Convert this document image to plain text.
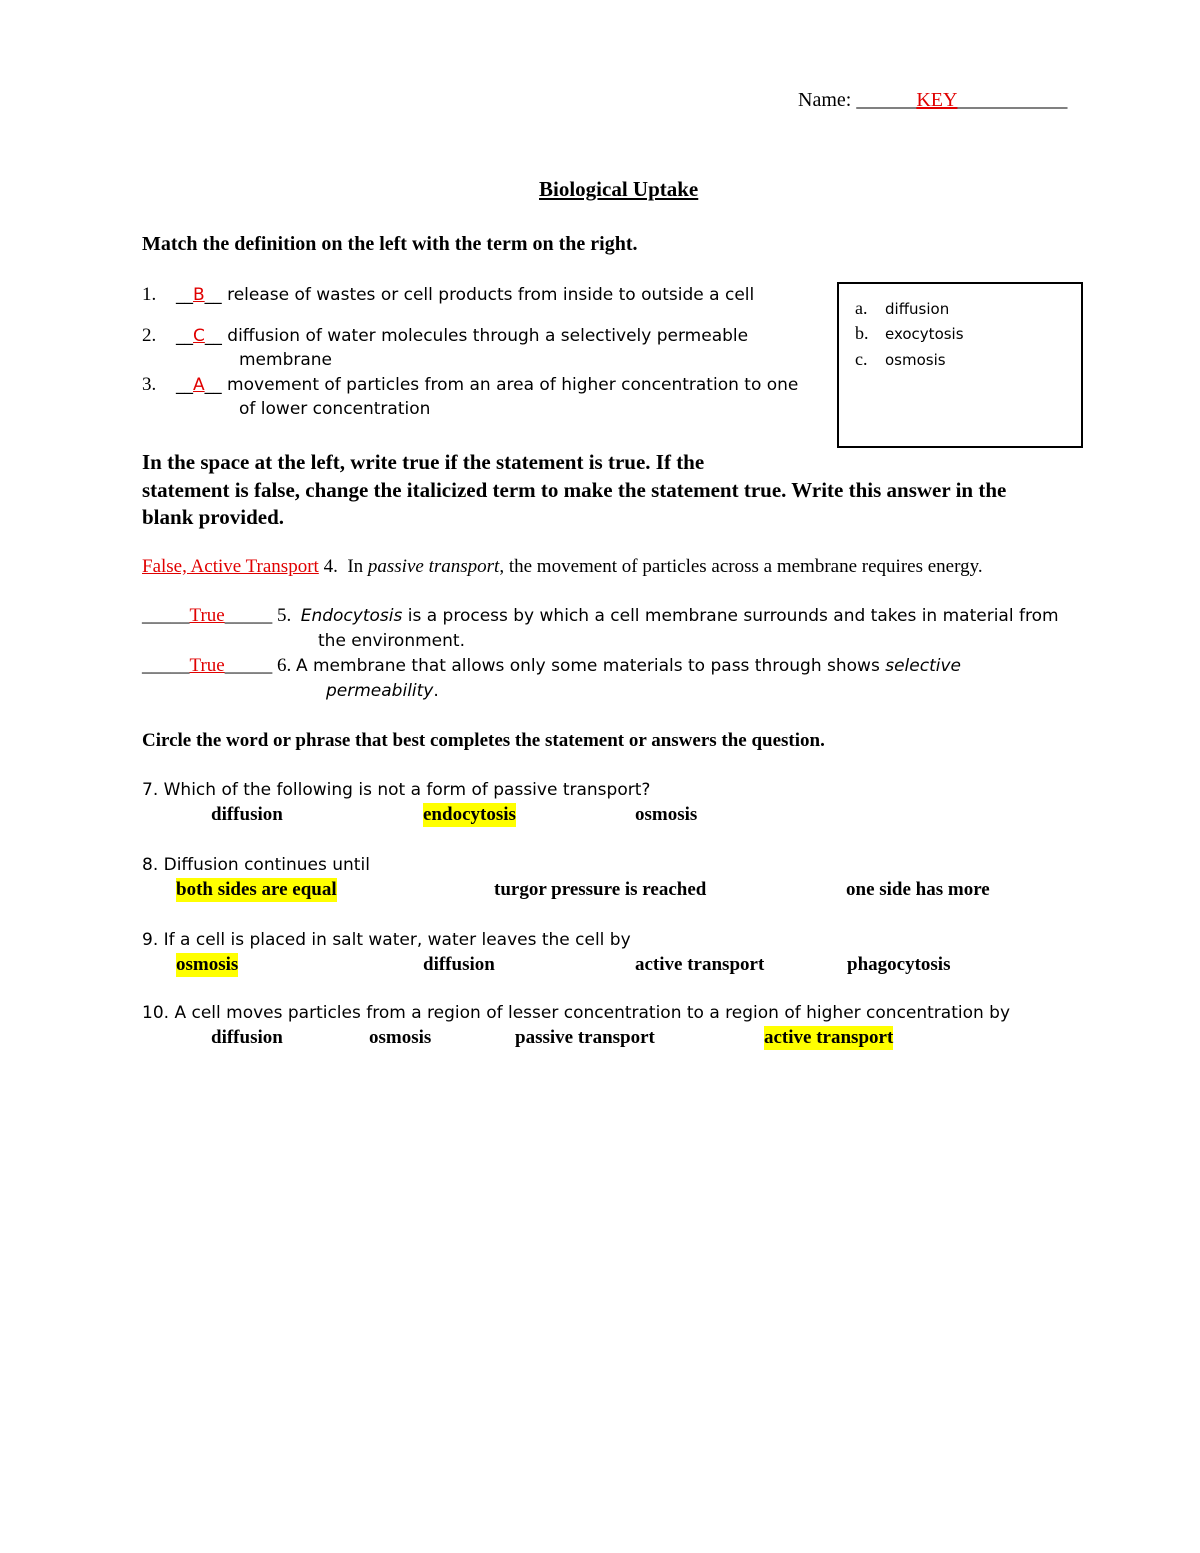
Name: ______KEY___________
Biological Uptake
Match the definition on the left with the term on the right.
1. __B__ release of wastes or cell products from inside to outside a cell
2. __C__ diffusion of water molecules through a selectively permeable
membrane
3. __A__ movement of particles from an area of higher concentration to one
of lower concentration
a. diffusion
b. exocytosis
c. osmosis
In the space at the left, write true if the statement is true. If the
statement is false, change the italicized term to make the statement true. Write this answer in the
blank provided.
False, Active Transport 4. In passive transport, the movement of particles across a membrane requires energy.
_____True_____ 5. Endocytosis is a process by which a cell membrane surrounds and takes in material from
the environment.
_____True_____ 6. A membrane that allows only some materials to pass through shows selective
permeability.
Circle the word or phrase that best completes the statement or answers the question.
7. Which of the following is not a form of passive transport?
diffusion	endocytosis	osmosis
8. Diffusion continues until
both sides are equal	turgor pressure is reached	one side has more
9. If a cell is placed in salt water, water leaves the cell by
osmosis	diffusion	active transport	phagocytosis
10. A cell moves particles from a region of lesser concentration to a region of higher concentration by
diffusion	osmosis	passive transport	active transport
